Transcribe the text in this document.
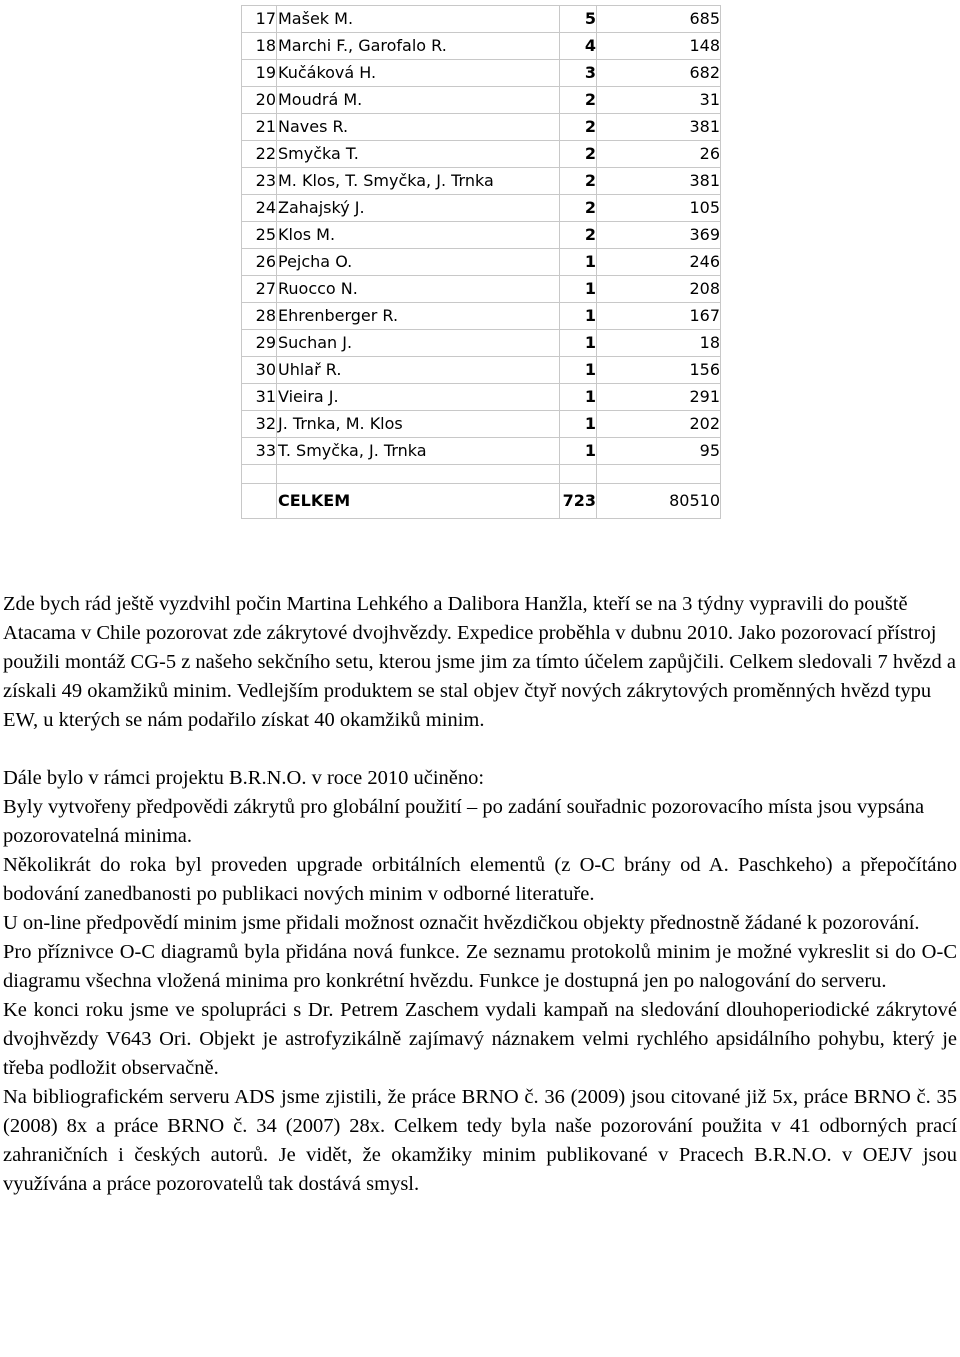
17	Mašek M.	5	685
18	Marchi F., Garofalo R.	4	148
19	Kučáková H.	3	682
20	Moudrá M.	2	31
21	Naves R.	2	381
22	Smyčka T.	2	26
23	M. Klos, T. Smyčka, J. Trnka	2	381
24	Zahajský J.	2	105
25	Klos M.	2	369
26	Pejcha O.	1	246
27	Ruocco N.	1	208
28	Ehrenberger R.	1	167
29	Suchan J.	1	18
30	Uhlař R.	1	156
31	Vieira J.	1	291
32	J. Trnka, M. Klos	1	202
33	T. Smyčka, J. Trnka	1	95

	CELKEM	723	80510

Zde bych rád ještě vyzdvihl počin Martina Lehkého a Dalibora Hanžla, kteří se na 3 týdny vypravili do pouště Atacama v Chile pozorovat zde zákrytové dvojhvězdy. Expedice proběhla v dubnu 2010. Jako pozorovací přístroj použili montáž CG-5 z našeho sekčního setu, kterou jsme jim za tímto účelem zapůjčili. Celkem sledovali 7 hvězd a získali 49 okamžiků minim. Vedlejším produktem se stal objev čtyř nových zákrytových proměnných hvězd typu EW, u kterých se nám podařilo získat 40 okamžiků minim.

Dále bylo v rámci projektu B.R.N.O. v roce 2010 učiněno:

Byly vytvořeny předpovědi zákrytů pro globální použití – po zadání souřadnic pozorovacího místa jsou vypsána pozorovatelná minima.

Několikrát do roka byl proveden upgrade orbitálních elementů (z O-C brány od A. Paschkeho) a přepočítáno bodování zanedbanosti po publikaci nových minim v odborné literatuře.

U on-line předpovědí minim jsme přidali možnost označit hvězdičkou objekty přednostně žádané k pozorování.

Pro příznivce O-C diagramů byla přidána nová funkce. Ze seznamu protokolů minim je možné vykreslit si do O-C diagramu všechna vložená minima pro konkrétní hvězdu. Funkce je dostupná jen po nalogování do serveru.

Ke konci roku jsme ve spolupráci s Dr. Petrem Zaschem vydali kampaň na sledování dlouhoperiodické zákrytové dvojhvězdy V643 Ori. Objekt je astrofyzikálně zajímavý náznakem velmi rychlého apsidálního pohybu, který je třeba podložit observačně.

Na bibliografickém serveru ADS jsme zjistili, že práce BRNO č. 36 (2009) jsou citované již 5x, práce BRNO č. 35 (2008) 8x a práce BRNO č. 34 (2007) 28x. Celkem tedy byla naše pozorování použita v 41 odborných prací zahraničních i českých autorů. Je vidět, že okamžiky minim publikované v Pracech B.R.N.O. v OEJV jsou využívána a práce pozorovatelů tak dostává smysl.
